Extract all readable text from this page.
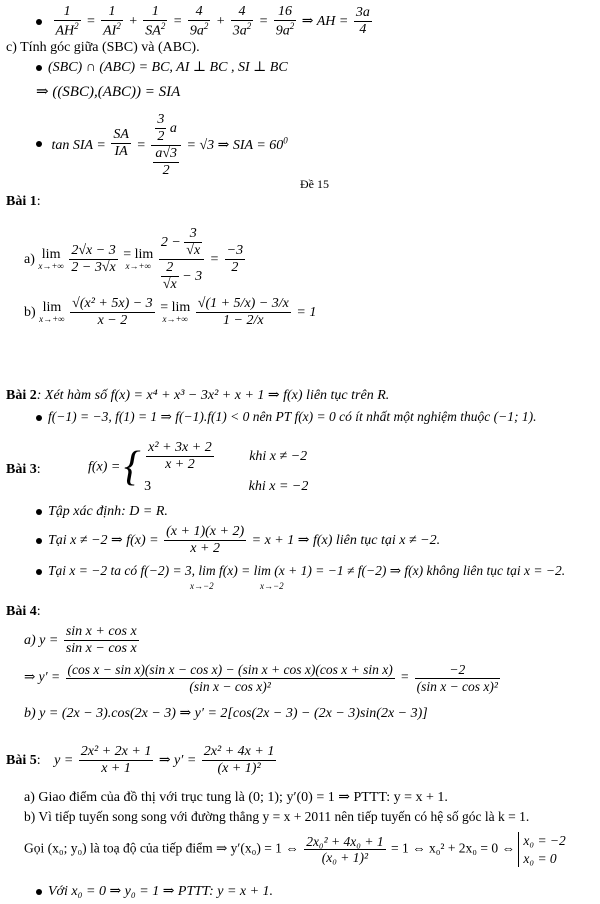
$\frac{1}{AH^2} = \frac{1}{AI^2} + \frac{1}{SA^2} = \frac{4}{9a^2} + \frac{4}{3a^2} = \frac{16}{9a^2}$ ⇒ AH = $\frac{3a}{4}$
c) Tính góc giữa (SBC) và (ABC).
(SBC) ∩ (ABC) = BC, AI ⊥ BC , SI ⊥ BC
⇒ ((SBC),(ABC)) = SIA
tan SIA = $\frac{SA}{IA} = \frac{\frac{3}{2} a}{\frac{a√3}{2}} = √3$ ⇒ SIA = $60^0$
Đề 15
Bài 1:
a) lim
x→+∞
$\frac{2√x - 3}{2 - 3√x}$
= lim
x→+∞
$\frac{2 - \frac{3}{√x}}{\frac{2}{√x} - 3} = \frac{-3}{2}$
b) lim
x→+∞
$\frac{\text{√(x² + 5x) − 3}}{x - 2}$
= lim
x→+∞
$\frac{√(1 + 5/x) - 3/x}{1 - 2/x} = 1$
Bài 2: Xét hàm số f(x) = x⁴ + x³ − 3x² + x + 1 ⇒ f(x) liên tục trên R.
f(−1) = −3, f(1) = 1 ⇒ f(−1).f(1) < 0 nên PT f(x) = 0 có ít nhất một nghiệm thuộc (−1; 1).
Bài 3:	f(x) = { $\frac{\text{x² + 3x + 2}}{x + 2}$	khi x ≠ −2
3	khi x = −2
Tập xác định: D = R.
Tại x ≠ −2 ⇒ $f(x) = \frac{(x + 1)(x + 2)}{x + 2} = x + 1$ ⇒ f(x) liên tục tại x ≠ −2.
Tại x = −2 ta có f(−2) = 3, lim f(x) = lim (x + 1) = −1 ≠ f(−2) ⇒ f(x) không liên tục tại x = −2.
x→−2	x→−2
Bài 4:
a) $y = \frac{\text{sin x + cos x}}{\text{sin x − cos x}}$
⇒ y′ = (cos x − sin x)(sin x − cos x) − (sin x + cos x)(cos x + sin x)
(sin x − cos x)²
= $\frac{-2}{\text{(sin x − cos x)²}}$
b) y = (2x − 3).cos(2x − 3) ⇒ y′ = 2[cos(2x − 3) − (2x − 3)sin(2x − 3)]
Bài 5: $y = \frac{\text{2x² + 2x + 1}}{x + 1}$ ⇒ $y' = \frac{\text{2x² + 4x + 1}}{\text{(x + 1)²}}$
a) Giao điểm của đồ thị với trục tung là (0; 1); y′(0) = 1 ⇒ PTTT: y = x + 1.
b) Vì tiếp tuyến song song với đường thẳng y = x + 2011 nên tiếp tuyến có hệ số góc là k = 1.
Gọi (x₀; y₀) là toạ độ của tiếp điểm ⇒ y′(x₀) = 1 ⇔ $\frac{\text{2x₀² + 4x₀ + 1}}{\text{(x₀ + 1)²}} = 1$ ⇔ x₀² + 2x₀ = 0 ⇔
x₀ = −2
x₀ = 0
Với x₀ = 0 ⇒ y₀ = 1 ⇒ PTTT: y = x + 1.
